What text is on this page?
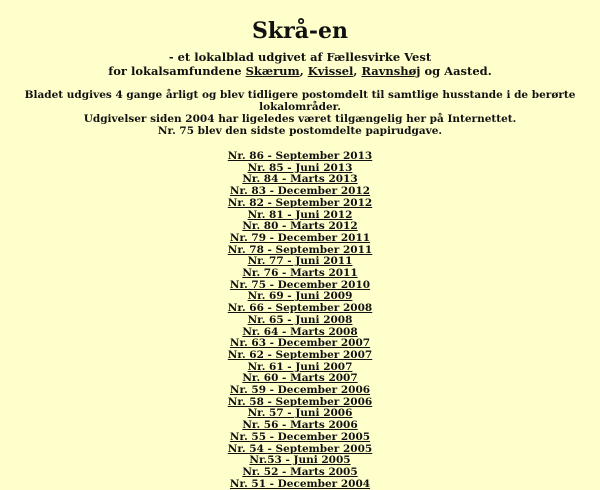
Skrå-en
- et lokalblad udgivet af Fællesvirke Vest
for lokalsamfundene Skærum, Kvissel, Ravnshøj og Aasted.
Bladet udgives 4 gange årligt og blev tidligere postomdelt til samtlige husstande i de berørte lokalområder.
Udgivelser siden 2004 har ligeledes været tilgængelig her på Internettet.
Nr. 75 blev den sidste postomdelte papirudgave.
Nr. 86 - September 2013
Nr. 85 - Juni 2013
Nr. 84 - Marts 2013
Nr. 83 - December 2012
Nr. 82 - September 2012
Nr. 81 - Juni 2012
Nr. 80 - Marts 2012
Nr. 79 - December 2011
Nr. 78 - September 2011
Nr. 77 - Juni 2011
Nr. 76 - Marts 2011
Nr. 75 - December 2010
Nr. 69 - Juni 2009
Nr. 66 - September 2008
Nr. 65 - Juni 2008
Nr. 64 - Marts 2008
Nr. 63 - December 2007
Nr. 62 - September 2007
Nr. 61 - Juni 2007
Nr. 60 - Marts 2007
Nr. 59 - December 2006
Nr. 58 - September 2006
Nr. 57 - Juni 2006
Nr. 56 - Marts 2006
Nr. 55 - December 2005
Nr. 54 - September 2005
Nr.53 - Juni 2005
Nr. 52 - Marts 2005
Nr. 51 - December 2004
